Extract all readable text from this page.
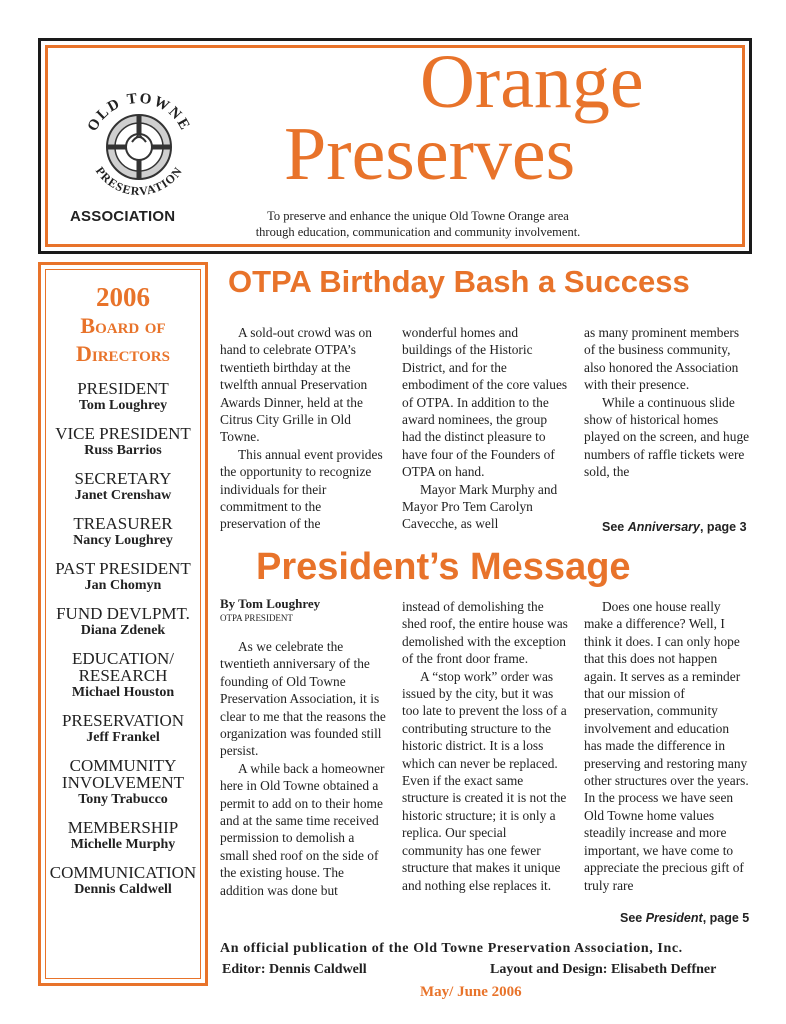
OLD TOWNE
PRESERVATION
ASSOCIATION
Orange
Preserves
To preserve and enhance the unique Old Towne Orange area
through education, communication and community involvement.
2006
Board of
Directors
PRESIDENT
Tom Loughrey
VICE PRESIDENT
Russ Barrios
SECRETARY
Janet Crenshaw
TREASURER
Nancy Loughrey
PAST PRESIDENT
Jan Chomyn
FUND DEVLPMT.
Diana Zdenek
EDUCATION/ RESEARCH
Michael Houston
PRESERVATION
Jeff Frankel
COMMUNITY INVOLVEMENT
Tony Trabucco
MEMBERSHIP
Michelle Murphy
COMMUNICATION
Dennis Caldwell
OTPA Birthday Bash a Success

A sold-out crowd was on hand to celebrate OTPA’s twentieth birthday at the twelfth annual Preservation Awards Dinner, held at the Citrus City Grille in Old Towne.

This annual event provides the opportunity to recognize individuals for their commitment to the preservation of the

wonderful homes and buildings of the Historic District, and for the embodiment of the core values of OTPA. In addition to the award nominees, the group had the distinct pleasure to have four of the Founders of OTPA on hand.

Mayor Mark Murphy and Mayor Pro Tem Carolyn Cavecche, as well

as many prominent members of the business community, also honored the Association with their presence.

While a continuous slide show of historical homes played on the screen, and huge numbers of raffle tickets were sold, the

See Anniversary, page 3
President’s Message
By Tom Loughrey
OTPA PRESIDENT

As we celebrate the twentieth anniversary of the founding of Old Towne Preservation Association, it is clear to me that the reasons the organization was founded still persist.

A while back a homeowner here in Old Towne obtained a permit to add on to their home and at the same time received permission to demolish a small shed roof on the side of the existing house. The addition was done but

instead of demolishing the shed roof, the entire house was demolished with the exception of the front door frame.

A “stop work” order was issued by the city, but it was too late to prevent the loss of a contributing structure to the historic district. It is a loss which can never be replaced. Even if the exact same structure is created it is not the historic structure; it is only a replica. Our special community has one fewer structure that makes it unique and nothing else replaces it.

Does one house really make a difference? Well, I think it does. I can only hope that this does not happen again. It serves as a reminder that our mission of preservation, community involvement and education has made the difference in preserving and restoring many other structures over the years. In the process we have seen Old Towne home values steadily increase and more important, we have come to appreciate the precious gift of truly rare

See President, page 5
An official publication of the Old Towne Preservation Association, Inc.
Editor: Dennis Caldwell	Layout and Design: Elisabeth Deffner
May/ June 2006
